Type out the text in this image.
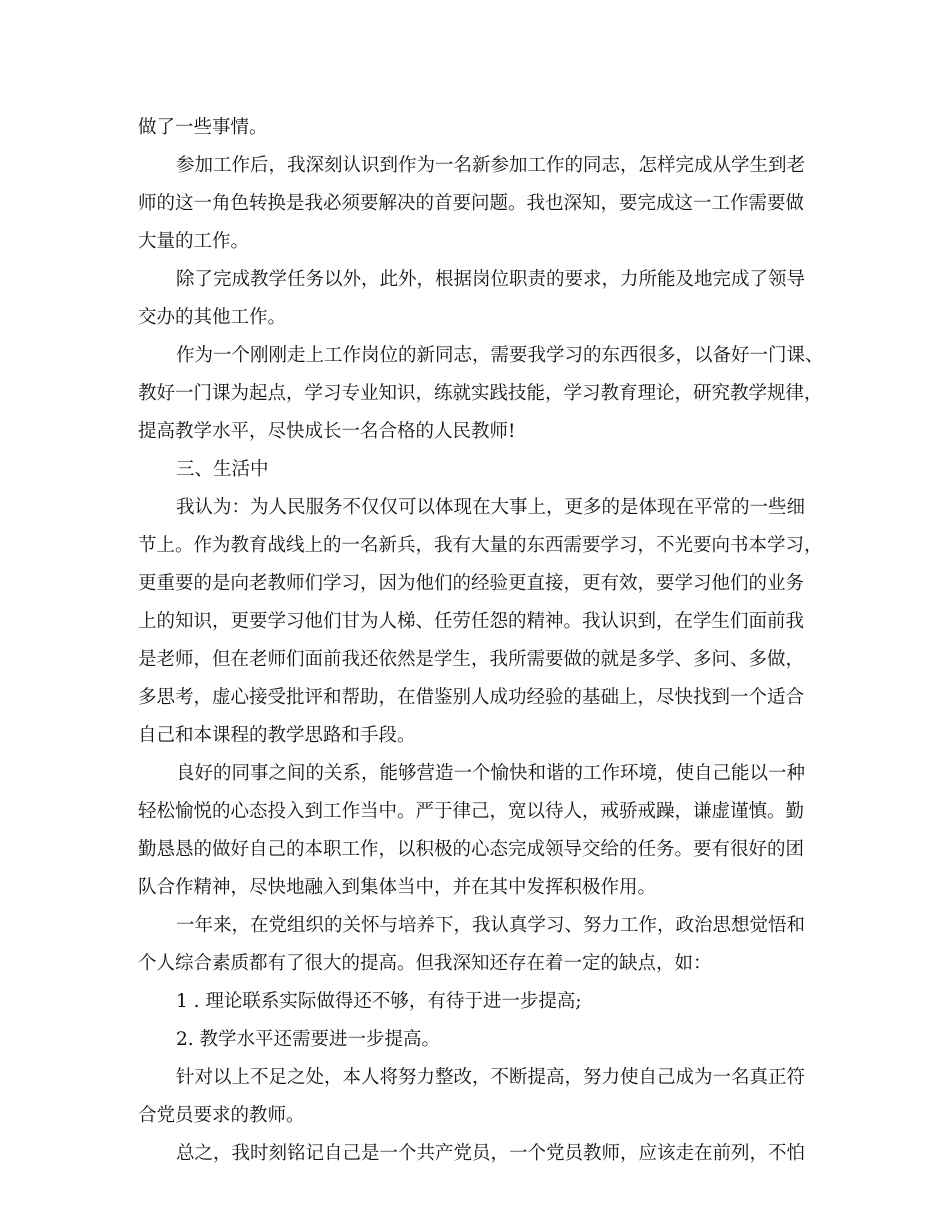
做了一些事情。
参加工作后，我深刻认识到作为一名新参加工作的同志，怎样完成从学生到老
师的这一角色转换是我必须要解决的首要问题。我也深知，要完成这一工作需要做
大量的工作。
除了完成教学任务以外，此外，根据岗位职责的要求，力所能及地完成了领导
交办的其他工作。
作为一个刚刚走上工作岗位的新同志，需要我学习的东西很多，以备好一门课、
教好一门课为起点，学习专业知识，练就实践技能，学习教育理论，研究教学规律，
提高教学水平，尽快成长一名合格的人民教师!
三、生活中
我认为：为人民服务不仅仅可以体现在大事上，更多的是体现在平常的一些细
节上。作为教育战线上的一名新兵，我有大量的东西需要学习，不光要向书本学习，
更重要的是向老教师们学习，因为他们的经验更直接，更有效，要学习他们的业务
上的知识，更要学习他们甘为人梯、任劳任怨的精神。我认识到，在学生们面前我
是老师，但在老师们面前我还依然是学生，我所需要做的就是多学、多问、多做，
多思考，虚心接受批评和帮助，在借鉴别人成功经验的基础上，尽快找到一个适合
自己和本课程的教学思路和手段。
良好的同事之间的关系，能够营造一个愉快和谐的工作环境，使自己能以一种
轻松愉悦的心态投入到工作当中。严于律己，宽以待人，戒骄戒躁，谦虚谨慎。勤
勤恳恳的做好自己的本职工作，以积极的心态完成领导交给的任务。要有很好的团
队合作精神，尽快地融入到集体当中，并在其中发挥积极作用。
一年来，在党组织的关怀与培养下，我认真学习、努力工作，政治思想觉悟和
个人综合素质都有了很大的提高。但我深知还存在着一定的缺点，如：
1 . 理论联系实际做得还不够，有待于进一步提高;
2. 教学水平还需要进一步提高。
针对以上不足之处，本人将努力整改，不断提高，努力使自己成为一名真正符
合党员要求的教师。
总之，我时刻铭记自己是一个共产党员，一个党员教师，应该走在前列，不怕
